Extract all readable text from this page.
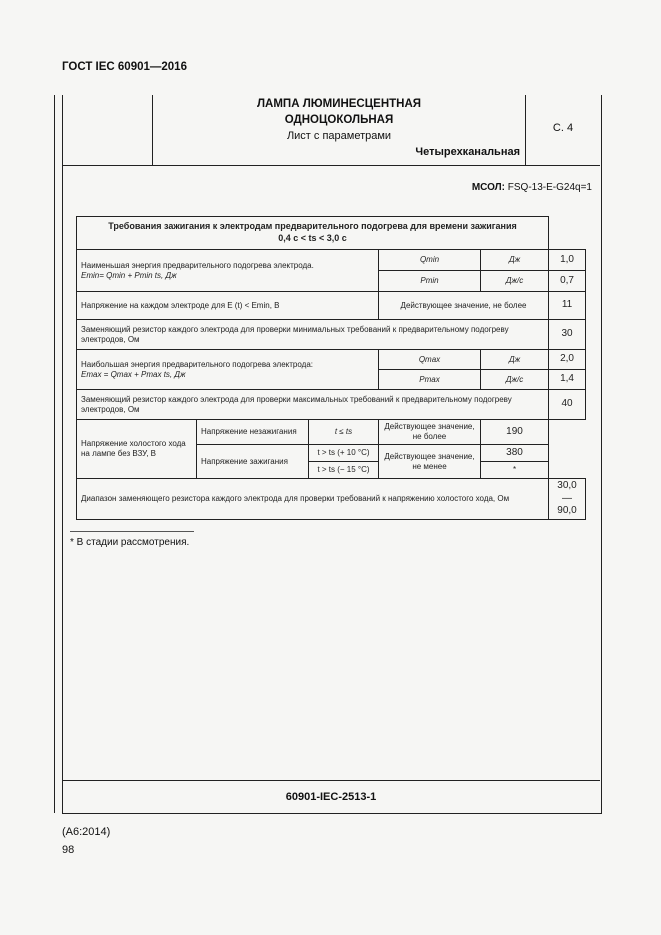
ГОСТ IEC 60901—2016
ЛАМПА ЛЮМИНЕСЦЕНТНАЯ
ОДНОЦОКОЛЬНАЯ
Лист с параметрами
Четырехканальная
С. 4
МСОЛ: FSQ-13-E-G24q=1
Требования зажигания к электродам предварительного подогрева для времени зажигания
0,4 с < ts < 3,0 с					

Наименьшая энергия предварительного подогрева электрода.
Emin= Qmin + Pmin ts, Дж			Qmin	Дж	1,0
			Pmin	Дж/с	0,7
Напряжение на каждом электроде для E (t) < Emin, В			Действующее значение, не более		11
Заменяющий резистор каждого электрода для проверки минимальных требований к предварительному подогреву электродов, Ом					30

Наибольшая энергия предварительного подогрева электрода:
Emax = Qmax + Pmax ts, Дж			Qmax	Дж	2,0
			Pmax	Дж/с	1,4
Заменяющий резистор каждого электрода для проверки максимальных требований к предварительному подогреву электродов, Ом					40
Напряжение холостого хода на лампе без ВЗУ, В	Напряжение незажигания	t ≤ ts	Действующее значение, не более	190	
	Напряжение зажигания	t > ts (+ 10 °С)	Действующее значение, не менее	380	
		t > ts (− 15 °С)		*	
Диапазон заменяющего резистора каждого электрода для проверки требований к напряжению холостого хода, Ом					30,0—90,0
* В стадии рассмотрения.
60901-IEC-2513-1
(А6:2014)
98
